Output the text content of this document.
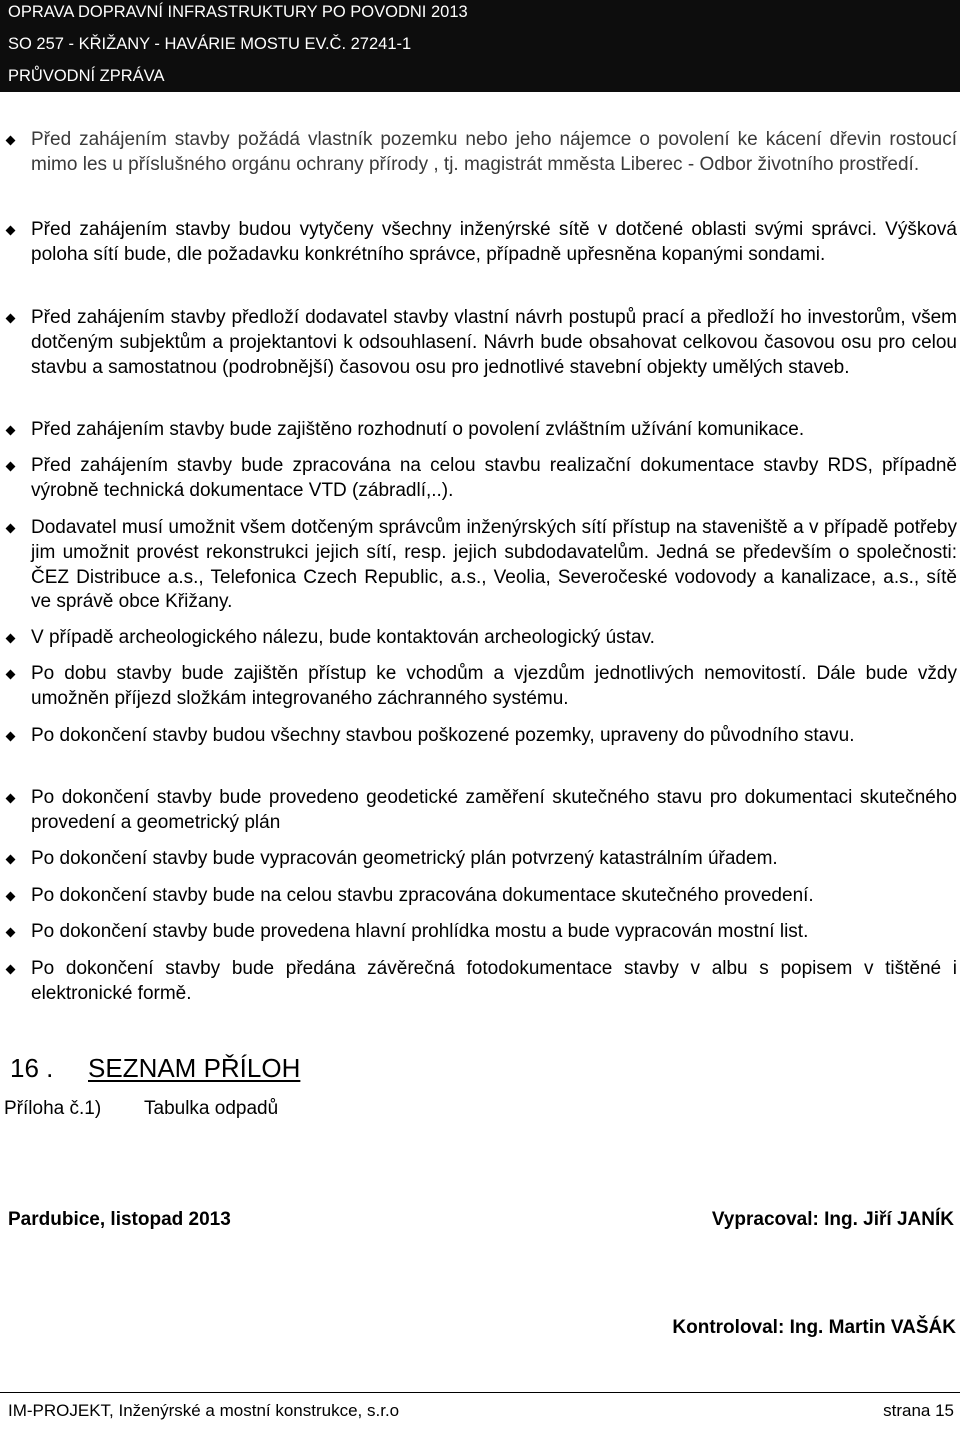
OPRAVA DOPRAVNÍ INFRASTRUKTURY PO POVODNI 2013
SO 257 - KŘIŽANY - HAVÁRIE MOSTU EV.Č. 27241-1
PRŮVODNÍ ZPRÁVA
Před zahájením stavby požádá vlastník pozemku nebo jeho nájemce o povolení ke kácení dřevin rostoucí mimo les u příslušného orgánu ochrany přírody , tj. magistrát mměsta Liberec - Odbor životního prostředí.
Před zahájením stavby budou vytyčeny všechny inženýrské sítě v dotčené oblasti svými správci. Výšková poloha sítí bude, dle požadavku konkrétního správce, případně upřesněna kopanými sondami.
Před zahájením stavby předloží dodavatel stavby vlastní návrh postupů prací a předloží ho investorům, všem dotčeným subjektům a projektantovi k odsouhlasení. Návrh bude obsahovat celkovou časovou osu pro celou stavbu a samostatnou (podrobnější) časovou osu pro jednotlivé stavební objekty umělých staveb.
Před zahájením stavby bude zajištěno rozhodnutí o povolení zvláštním užívání komunikace.
Před zahájením stavby bude zpracována na celou stavbu realizační dokumentace stavby RDS, případně výrobně technická dokumentace VTD (zábradlí,..).
Dodavatel musí umožnit všem dotčeným správcům inženýrských sítí přístup na staveniště a v případě potřeby jim umožnit provést rekonstrukci jejich sítí, resp. jejich subdodavatelům. Jedná se především o společnosti: ČEZ Distribuce a.s., Telefonica Czech Republic, a.s., Veolia, Severočeské vodovody a kanalizace, a.s., sítě ve správě obce Křižany.
V případě archeologického nálezu, bude kontaktován archeologický ústav.
Po dobu stavby bude zajištěn přístup ke vchodům a vjezdům jednotlivých nemovitostí. Dále bude vždy umožněn příjezd složkám integrovaného záchranného systému.
Po dokončení stavby budou všechny stavbou poškozené pozemky, upraveny do původního stavu.
Po dokončení stavby bude provedeno geodetické zaměření skutečného stavu pro dokumentaci skutečného provedení a geometrický plán
Po dokončení stavby bude vypracován geometrický plán potvrzený katastrálním úřadem.
Po dokončení stavby bude na celou stavbu zpracována dokumentace skutečného provedení.
Po dokončení stavby bude provedena hlavní prohlídka mostu a bude vypracován mostní list.
Po dokončení stavby bude předána závěrečná fotodokumentace stavby v albu s popisem v tištěné i elektronické formě.
16 . SEZNAM PŘÍLOH
Příloha č.1) Tabulka odpadů
Pardubice, listopad 2013	Vypracoval: Ing. Jiří JANÍK
Kontroloval: Ing. Martin VAŠÁK
IM-PROJEKT, Inženýrské a mostní konstrukce, s.r.o	strana 15
